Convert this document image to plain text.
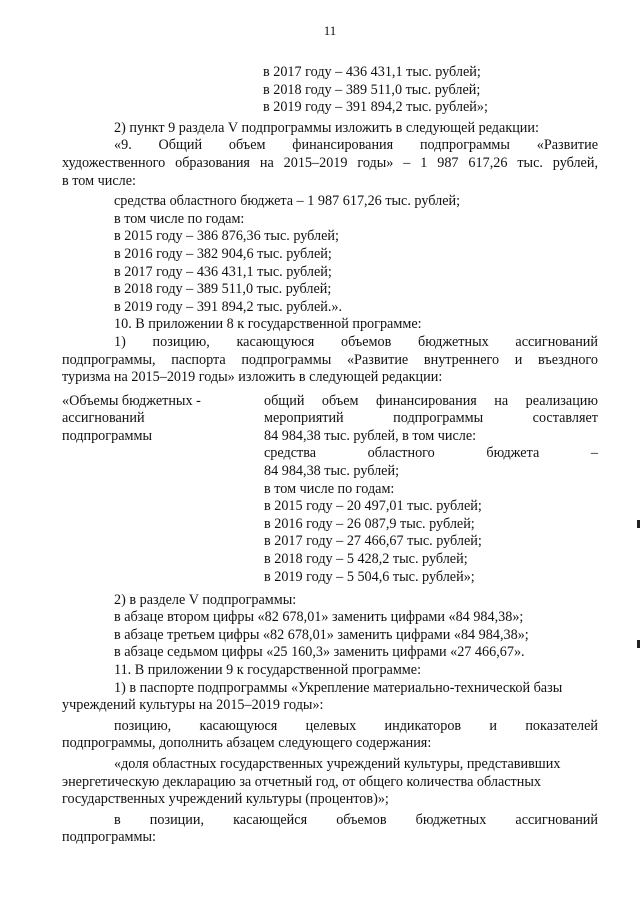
11
в 2017 году – 436 431,1 тыс. рублей;
в 2018 году – 389 511,0 тыс. рублей;
в 2019 году – 391 894,2 тыс. рублей»;
2) пункт 9 раздела V подпрограммы изложить в следующей редакции:
«9. Общий объем финансирования подпрограммы «Развитие
художественного образования на 2015–2019 годы» – 1 987 617,26 тыс. рублей,
в том числе:
средства областного бюджета – 1 987 617,26 тыс. рублей;
в том числе по годам:
в 2015 году – 386 876,36 тыс. рублей;
в 2016 году – 382 904,6 тыс. рублей;
в 2017 году – 436 431,1 тыс. рублей;
в 2018 году – 389 511,0 тыс. рублей;
в 2019 году – 391 894,2 тыс. рублей.».
10. В приложении 8 к государственной программе:
1) позицию, касающуюся объемов бюджетных ассигнований
подпрограммы, паспорта подпрограммы «Развитие внутреннего и въездного
туризма на 2015–2019 годы» изложить в следующей редакции:
«Объемы бюджетных -
ассигнований
подпрограммы
общий объем финансирования на реализацию
мероприятий подпрограммы составляет
84 984,38 тыс. рублей, в том числе:
средства областного бюджета –
84 984,38 тыс. рублей;
в том числе по годам:
в 2015 году – 20 497,01 тыс. рублей;
в 2016 году – 26 087,9 тыс. рублей;
в 2017 году – 27 466,67 тыс. рублей;
в 2018 году – 5 428,2 тыс. рублей;
в 2019 году – 5 504,6 тыс. рублей»;
2) в разделе V подпрограммы:
в абзаце втором цифры «82 678,01» заменить цифрами «84 984,38»;
в абзаце третьем цифры «82 678,01» заменить цифрами «84 984,38»;
в абзаце седьмом цифры «25 160,3» заменить цифрами «27 466,67».
11. В приложении 9 к государственной программе:
1) в паспорте подпрограммы «Укрепление материально-технической базы
учреждений культуры на 2015–2019 годы»:
позицию, касающуюся целевых индикаторов и показателей
подпрограммы, дополнить абзацем следующего содержания:
«доля областных государственных учреждений культуры, представивших
энергетическую декларацию за отчетный год, от общего количества областных
государственных учреждений культуры (процентов)»;
в позиции, касающейся объемов бюджетных ассигнований
подпрограммы:
